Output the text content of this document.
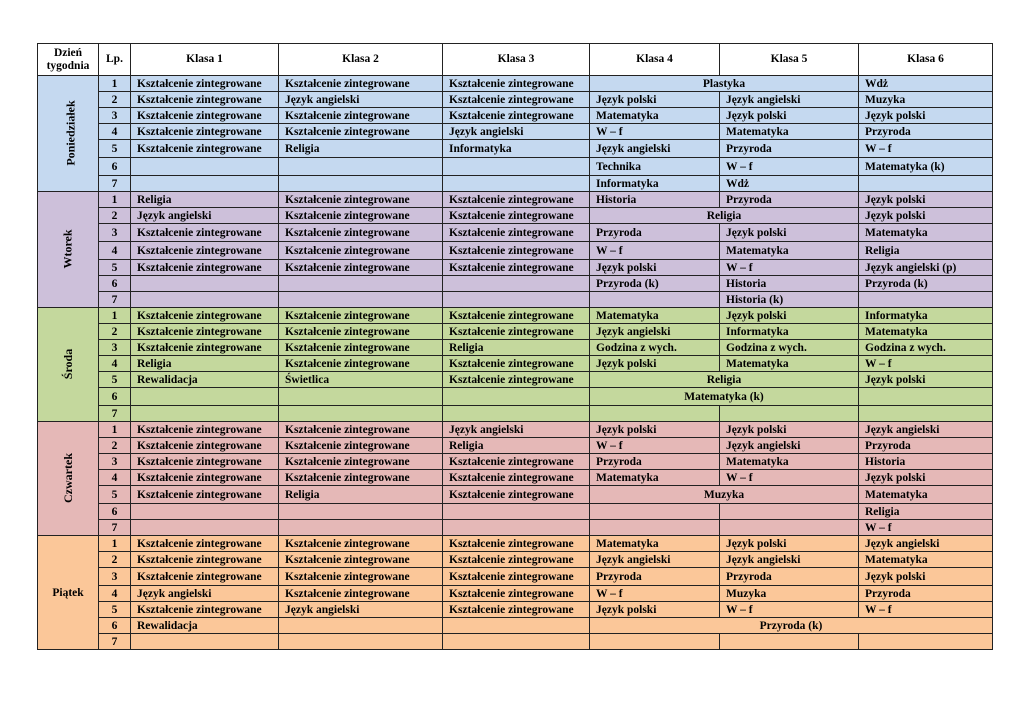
Dzień
tygodnia	Lp.	Klasa 1	Klasa 2	Klasa 3	Klasa 4	Klasa 5	Klasa 6
Poniedziałek	1	Kształcenie zintegrowane	Kształcenie zintegrowane	Kształcenie zintegrowane	Plastyka		Wdż
	2	Kształcenie zintegrowane	Język angielski	Kształcenie zintegrowane	Język polski	Język angielski	Muzyka
	3	Kształcenie zintegrowane	Kształcenie zintegrowane	Kształcenie zintegrowane	Matematyka	Język polski	Język polski
	4	Kształcenie zintegrowane	Kształcenie zintegrowane	Język angielski	W – f	Matematyka	Przyroda
	5	Kształcenie zintegrowane	Religia	Informatyka	Język angielski	Przyroda	W – f
	6				Technika	W – f	Matematyka (k)
	7				Informatyka	Wdż	
Wtorek	1	Religia	Kształcenie zintegrowane	Kształcenie zintegrowane	Historia	Przyroda	Język polski
	2	Język angielski	Kształcenie zintegrowane	Kształcenie zintegrowane	Religia		Język polski
	3	Kształcenie zintegrowane	Kształcenie zintegrowane	Kształcenie zintegrowane	Przyroda	Język polski	Matematyka
	4	Kształcenie zintegrowane	Kształcenie zintegrowane	Kształcenie zintegrowane	W – f	Matematyka	Religia
	5	Kształcenie zintegrowane	Kształcenie zintegrowane	Kształcenie zintegrowane	Język polski	W – f	Język angielski (p)
	6				Przyroda (k)	Historia	Przyroda (k)
	7					Historia (k)	
Środa	1	Kształcenie zintegrowane	Kształcenie zintegrowane	Kształcenie zintegrowane	Matematyka	Język polski	Informatyka
	2	Kształcenie zintegrowane	Kształcenie zintegrowane	Kształcenie zintegrowane	Język angielski	Informatyka	Matematyka
	3	Kształcenie zintegrowane	Kształcenie zintegrowane	Religia	Godzina z wych.	Godzina z wych.	Godzina z wych.
	4	Religia	Kształcenie zintegrowane	Kształcenie zintegrowane	Język polski	Matematyka	W – f
	5	Rewalidacja	Świetlica	Kształcenie zintegrowane	Religia		Język polski
	6				Matematyka (k)		
	7						
Czwartek	1	Kształcenie zintegrowane	Kształcenie zintegrowane	Język angielski	Język polski	Język polski	Język angielski
	2	Kształcenie zintegrowane	Kształcenie zintegrowane	Religia	W – f	Język angielski	Przyroda
	3	Kształcenie zintegrowane	Kształcenie zintegrowane	Kształcenie zintegrowane	Przyroda	Matematyka	Historia
	4	Kształcenie zintegrowane	Kształcenie zintegrowane	Kształcenie zintegrowane	Matematyka	W – f	Język polski
	5	Kształcenie zintegrowane	Religia	Kształcenie zintegrowane	Muzyka		Matematyka
	6						Religia
	7						W – f
Piątek	1	Kształcenie zintegrowane	Kształcenie zintegrowane	Kształcenie zintegrowane	Matematyka	Język polski	Język angielski
	2	Kształcenie zintegrowane	Kształcenie zintegrowane	Kształcenie zintegrowane	Język angielski	Język angielski	Matematyka
	3	Kształcenie zintegrowane	Kształcenie zintegrowane	Kształcenie zintegrowane	Przyroda	Przyroda	Język polski
	4	Język angielski	Kształcenie zintegrowane	Kształcenie zintegrowane	W – f	Muzyka	Przyroda
	5	Kształcenie zintegrowane	Język angielski	Kształcenie zintegrowane	Język polski	W – f	W – f
	6	Rewalidacja			Przyroda (k)		
	7						
